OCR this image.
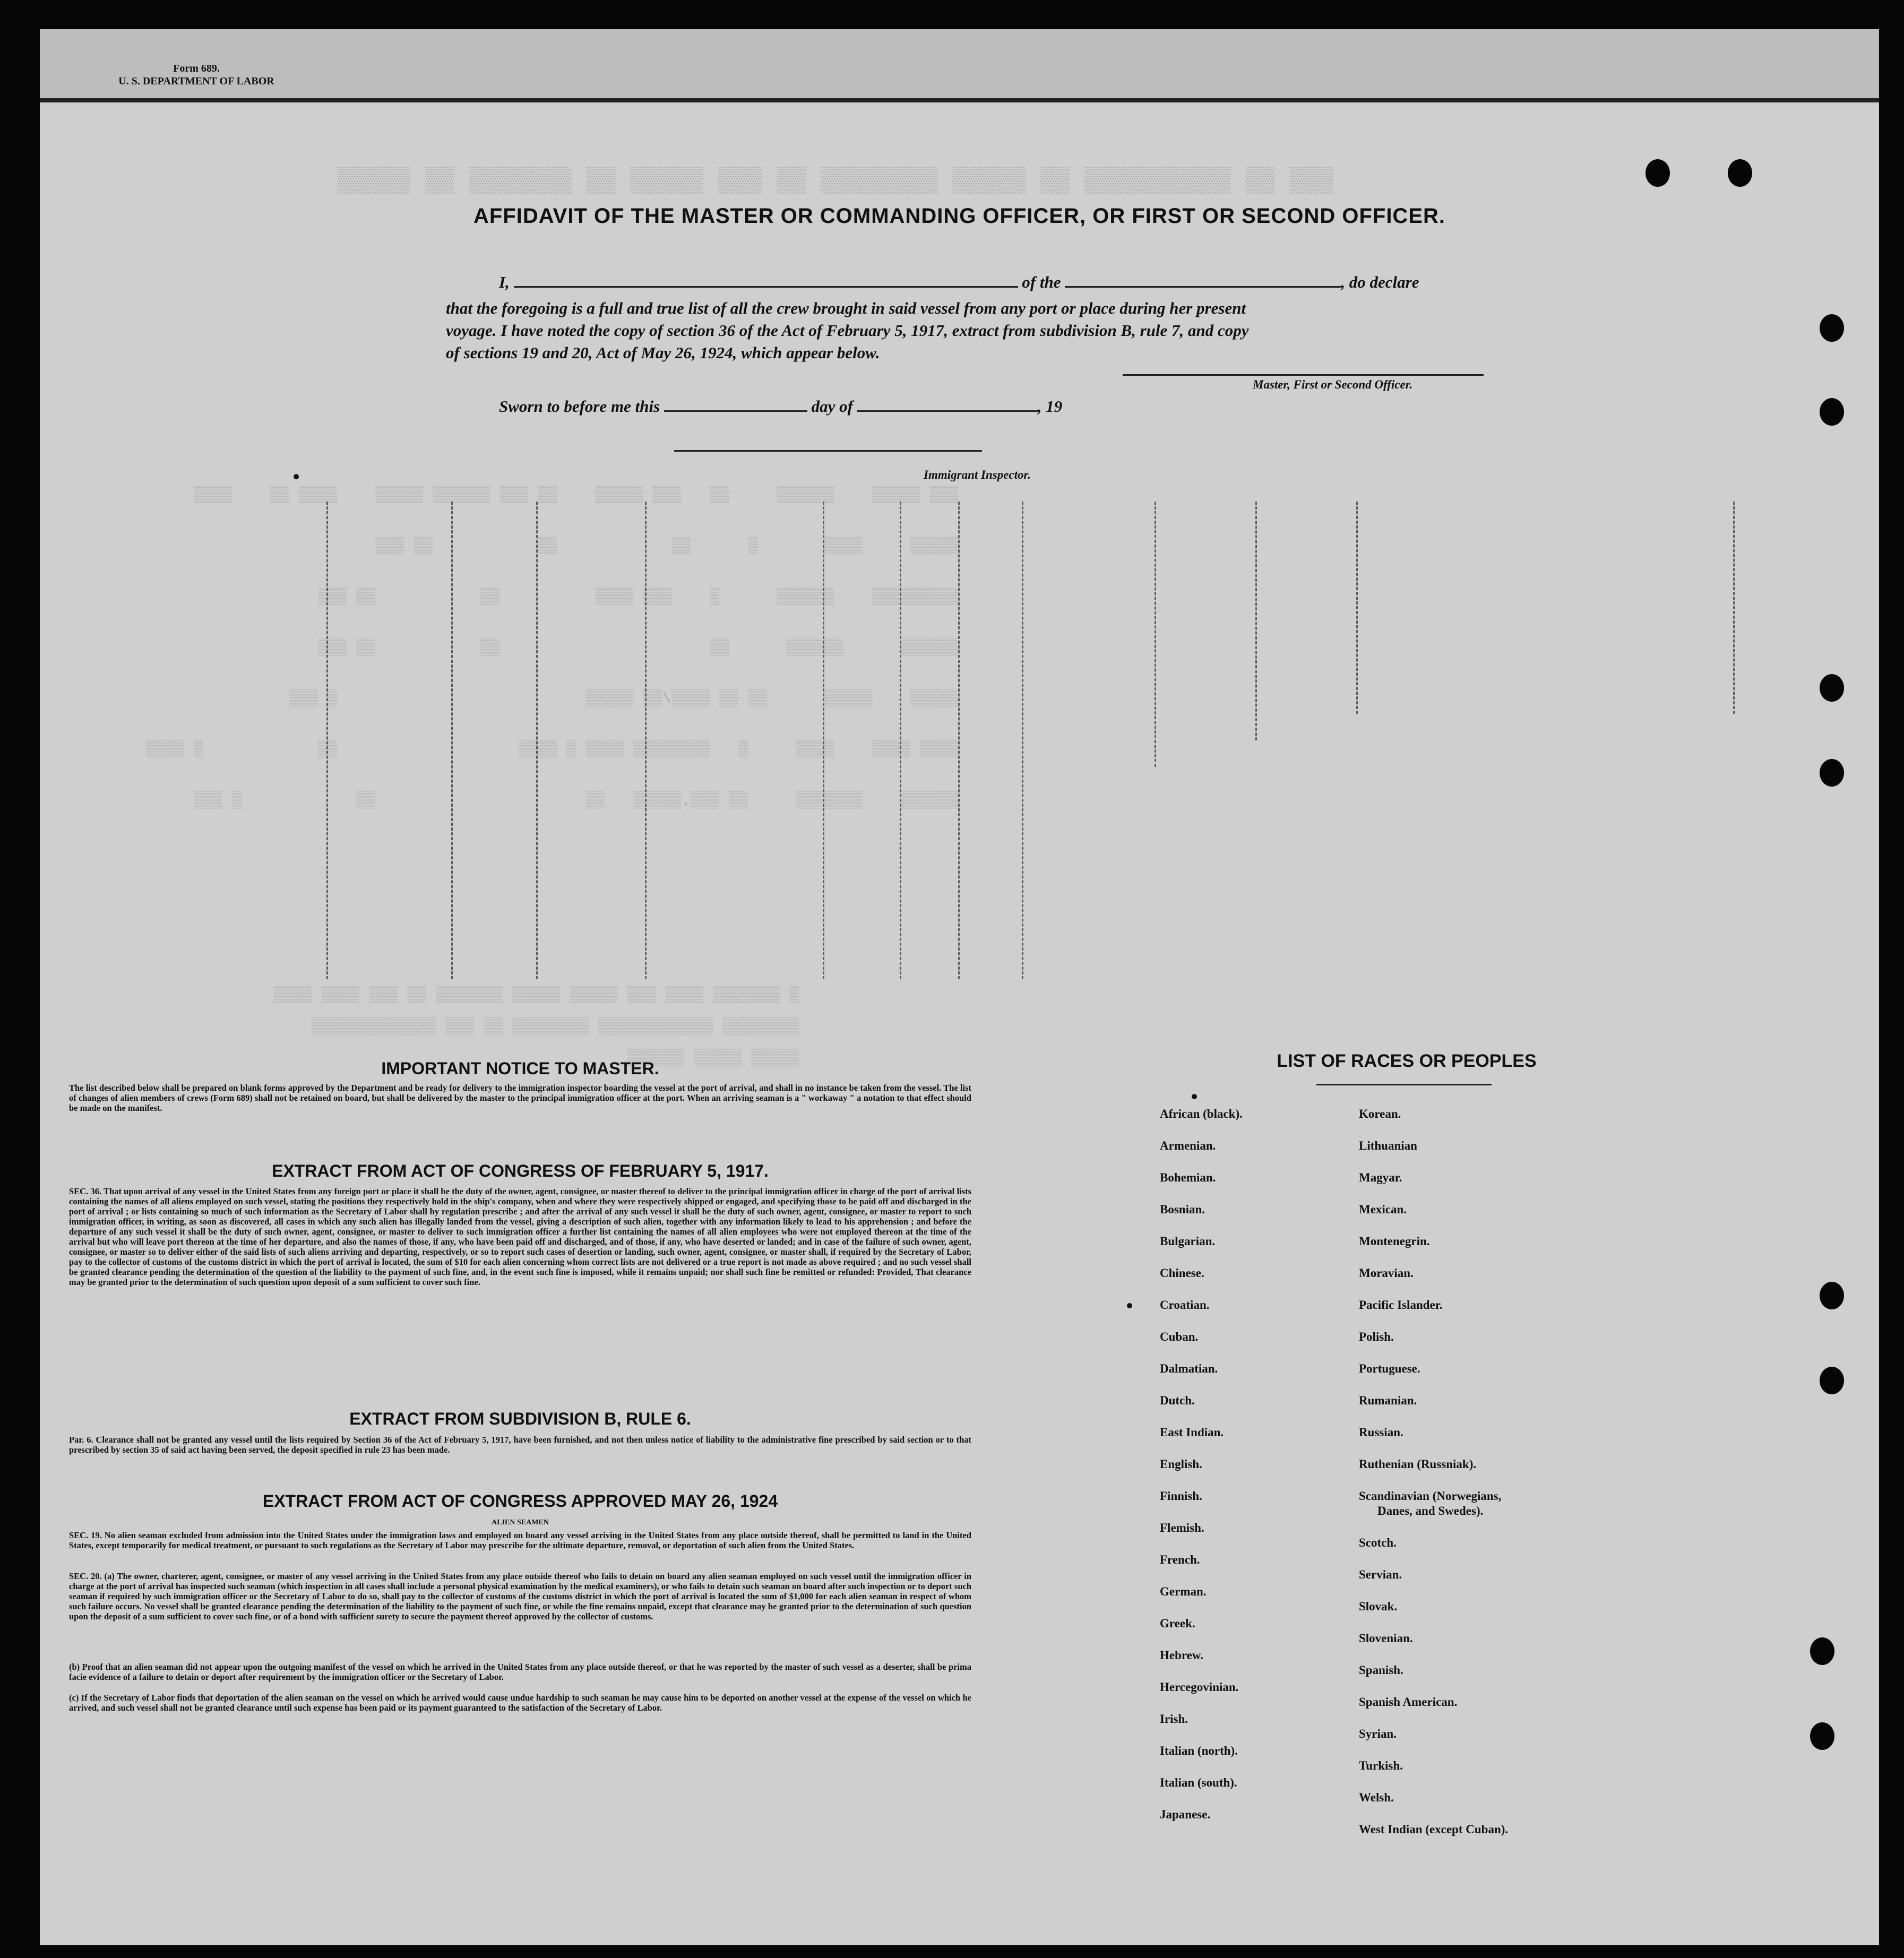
Form 689.
U. S. DEPARTMENT OF LABOR
▒▒▒ ▒▒ ▒▒▒▒▒▒▒▒▒▒ ▒▒ ▒▒▒▒▒ ▒▒▒▒▒▒▒▒ ▒▒ ▒▒▒ ▒▒▒▒▒ ▒▒ ▒▒▒▒▒▒▒ ▒▒ ▒▒▒▒▒
▒▒▒ ▒▒▒▒▒    ▒▒▒▒▒▒     ▒▒   ▒▒▒ ▒▒▒▒▒    ▒▒ ▒▒▒ ▒▒▒▒▒▒ ▒▒▒▒▒    ▒▒▒▒ ▒▒    ▒▒▒▒
▒▒▒▒▒     ▒▒▒▒       ▒      ▒▒            ▒▒           ▒▒ ▒▒▒
▒▒▒▒▒▒▒▒▒    ▒▒▒▒▒▒      ▒    ▒▒▒ ▒▒▒▒          ▒▒           ▒▒ ▒▒▒
▒▒▒▒▒▒      ▒▒▒▒▒▒      ▒▒                      ▒▒           ▒▒ ▒▒▒
▒▒▒▒▒    ▒▒▒▒▒      ▒▒ ▒▒ ▒▒▒▒/▒▒ ▒▒▒▒▒                          ▒ ▒▒▒
▒▒▒▒ ▒▒▒▒    ▒▒▒▒     ▒   ▒▒▒▒▒▒▒▒ ▒▒▒▒ ▒ ▒▒▒▒                   ▒▒            ▒ ▒▒▒▒
▒▒▒▒▒▒    ▒▒▒▒▒▒▒     ▒▒ ▒▒▒.▒▒▒▒▒   ▒▒                      ▒▒            ▒ ▒▒▒
▒ ▒▒▒▒▒▒▒ ▒▒▒▒ ▒▒▒ ▒▒▒▒▒ ▒▒▒▒▒ ▒▒▒▒▒▒▒ ▒▒ ▒▒▒ ▒▒▒▒ ▒▒▒▒
▒▒▒▒▒▒▒▒ ▒▒▒▒▒▒▒▒▒▒▒▒ ▒▒▒▒▒▒▒▒ ▒▒ ▒▒▒ ▒▒▒▒▒▒▒▒▒▒▒▒▒
▒▒▒▒▒ ▒▒▒▒▒ ▒▒▒▒▒▒
AFFIDAVIT OF THE MASTER OR COMMANDING OFFICER, OR FIRST OR SECOND OFFICER.
I,	of the	, do declare
that the foregoing is a full and true list of all the crew brought in said vessel from any port or place during her present
voyage. I have noted the copy of section 36 of the Act of February 5, 1917, extract from subdivision B, rule 7, and copy
of sections 19 and 20, Act of May 26, 1924, which appear below.
Master, First or Second Officer.
Sworn to before me this	day of	, 19
Immigrant Inspector.
IMPORTANT NOTICE TO MASTER.
The list described below shall be prepared on blank forms approved by the Department and be ready for delivery to the immigration inspector boarding the vessel at the port of arrival, and shall in no instance be taken from the vessel. The list of changes of alien members of crews (Form 689) shall not be retained on board, but shall be delivered by the master to the principal immigration officer at the port. When an arriving seaman is a " workaway " a notation to that effect should be made on the manifest.
EXTRACT FROM ACT OF CONGRESS OF FEBRUARY 5, 1917.
SEC. 36. That upon arrival of any vessel in the United States from any foreign port or place it shall be the duty of the owner, agent, consignee, or master thereof to deliver to the principal immigration officer in charge of the port of arrival lists containing the names of all aliens employed on such vessel, stating the positions they respectively hold in the ship's company, when and where they were respectively shipped or engaged, and specifying those to be paid off and discharged in the port of arrival ; or lists containing so much of such information as the Secretary of Labor shall by regulation prescribe ; and after the arrival of any such vessel it shall be the duty of such owner, agent, consignee, or master to report to such immigration officer, in writing, as soon as discovered, all cases in which any such alien has illegally landed from the vessel, giving a description of such alien, together with any information likely to lead to his apprehension ; and before the departure of any such vessel it shall be the duty of such owner, agent, consignee, or master to deliver to such immigration officer a further list containing the names of all alien employees who were not employed thereon at the time of the arrival but who will leave port thereon at the time of her departure, and also the names of those, if any, who have been paid off and discharged, and of those, if any, who have deserted or landed; and in case of the failure of such owner, agent, consignee, or master so to deliver either of the said lists of such aliens arriving and departing, respectively, or so to report such cases of desertion or landing, such owner, agent, consignee, or master shall, if required by the Secretary of Labor, pay to the collector of customs of the customs district in which the port of arrival is located, the sum of $10 for each alien concerning whom correct lists are not delivered or a true report is not made as above required ; and no such vessel shall be granted clearance pending the determination of the question of the liability to the payment of such fine, and, in the event such fine is imposed, while it remains unpaid; nor shall such fine be remitted or refunded: Provided, That clearance may be granted prior to the determination of such question upon deposit of a sum sufficient to cover such fine.
EXTRACT FROM SUBDIVISION B, RULE 6.
Par. 6. Clearance shall not be granted any vessel until the lists required by Section 36 of the Act of February 5, 1917, have been furnished, and not then unless notice of liability to the administrative fine prescribed by said section or to that prescribed by section 35 of said act having been served, the deposit specified in rule 23 has been made.
EXTRACT FROM ACT OF CONGRESS APPROVED MAY 26, 1924
ALIEN SEAMEN
SEC. 19. No alien seaman excluded from admission into the United States under the immigration laws and employed on board any vessel arriving in the United States from any place outside thereof, shall be permitted to land in the United States, except temporarily for medical treatment, or pursuant to such regulations as the Secretary of Labor may prescribe for the ultimate departure, removal, or deportation of such alien from the United States.
SEC. 20. (a) The owner, charterer, agent, consignee, or master of any vessel arriving in the United States from any place outside thereof who fails to detain on board any alien seaman employed on such vessel until the immigration officer in charge at the port of arrival has inspected such seaman (which inspection in all cases shall include a personal physical examination by the medical examiners), or who fails to detain such seaman on board after such inspection or to deport such seaman if required by such immigration officer or the Secretary of Labor to do so, shall pay to the collector of customs of the customs district in which the port of arrival is located the sum of $1,000 for each alien seaman in respect of whom such failure occurs. No vessel shall be granted clearance pending the determination of the liability to the payment of such fine, or while the fine remains unpaid, except that clearance may be granted prior to the determination of such question upon the deposit of a sum sufficient to cover such fine, or of a bond with sufficient surety to secure the payment thereof approved by the collector of customs.
(b) Proof that an alien seaman did not appear upon the outgoing manifest of the vessel on which he arrived in the United States from any place outside thereof, or that he was reported by the master of such vessel as a deserter, shall be prima facie evidence of a failure to detain or deport after requirement by the immigration officer or the Secretary of Labor.
(c) If the Secretary of Labor finds that deportation of the alien seaman on the vessel on which he arrived would cause undue hardship to such seaman he may cause him to be deported on another vessel at the expense of the vessel on which he arrived, and such vessel shall not be granted clearance until such expense has been paid or its payment guaranteed to the satisfaction of the Secretary of Labor.
LIST OF RACES OR PEOPLES
African (black).
Armenian.
Bohemian.
Bosnian.
Bulgarian.
Chinese.
Croatian.
Cuban.
Dalmatian.
Dutch.
East Indian.
English.
Finnish.
Flemish.
French.
German.
Greek.
Hebrew.
Hercegovinian.
Irish.
Italian (north).
Italian (south).
Japanese.
Korean.
Lithuanian
Magyar.
Mexican.
Montenegrin.
Moravian.
Pacific Islander.
Polish.
Portuguese.
Rumanian.
Russian.
Ruthenian (Russniak).
Scandinavian (Norwegians,
Danes, and Swedes).
Scotch.
Servian.
Slovak.
Slovenian.
Spanish.
Spanish American.
Syrian.
Turkish.
Welsh.
West Indian (except Cuban).
